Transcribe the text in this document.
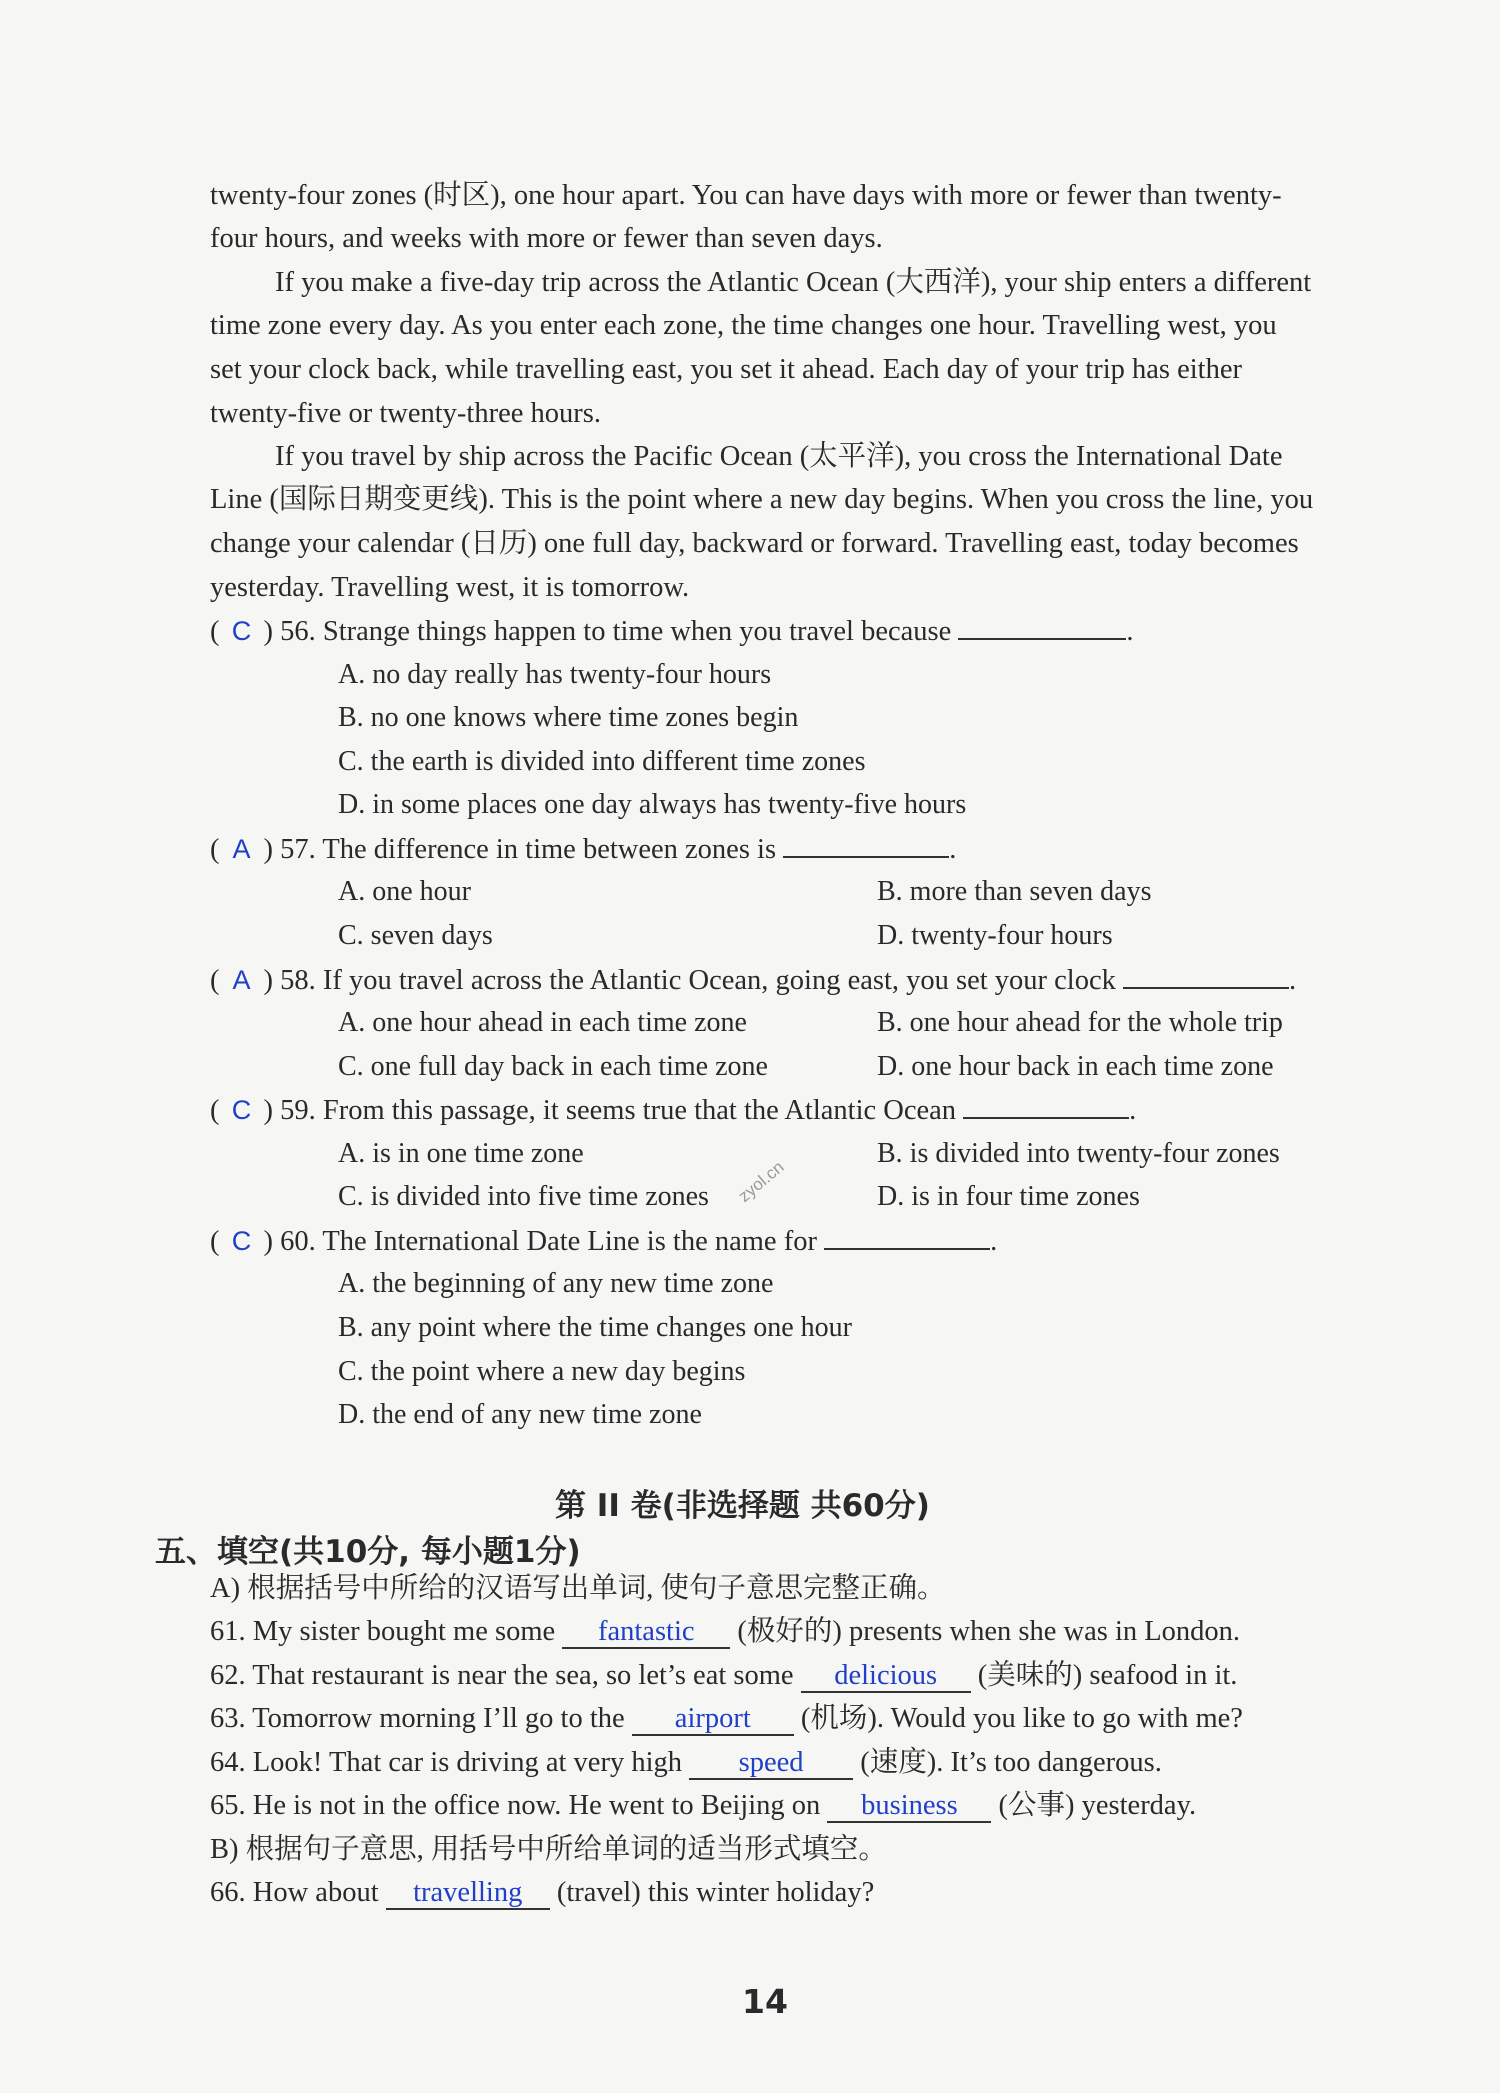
twenty-four zones (时区), one hour apart. You can have days with more or fewer than twenty-
four hours, and weeks with more or fewer than seven days.
If you make a five-day trip across the Atlantic Ocean (大西洋), your ship enters a different
time zone every day. As you enter each zone, the time changes one hour. Travelling west, you
set your clock back, while travelling east, you set it ahead. Each day of your trip has either
twenty-five or twenty-three hours.
If you travel by ship across the Pacific Ocean (太平洋), you cross the International Date
Line (国际日期变更线). This is the point where a new day begins. When you cross the line, you
change your calendar (日历) one full day, backward or forward. Travelling east, today becomes
yesterday. Travelling west, it is tomorrow.
( C ) 56. Strange things happen to time when you travel because	.
A. no day really has twenty-four hours
B. no one knows where time zones begin
C. the earth is divided into different time zones
D. in some places one day always has twenty-five hours
( A ) 57. The difference in time between zones is	.
A. one hour	B. more than seven days
C. seven days	D. twenty-four hours
( A ) 58. If you travel across the Atlantic Ocean, going east, you set your clock	.
A. one hour ahead in each time zone	B. one hour ahead for the whole trip
C. one full day back in each time zone	D. one hour back in each time zone
( C ) 59. From this passage, it seems true that the Atlantic Ocean	.
A. is in one time zone	B. is divided into twenty-four zones
C. is divided into five time zones	D. is in four time zones
( C ) 60. The International Date Line is the name for	.
A. the beginning of any new time zone
B. any point where the time changes one hour
C. the point where a new day begins
D. the end of any new time zone
zyol.cn
第 II 卷(非选择题 共60分)
五、填空(共10分, 每小题1分)
A) 根据括号中所给的汉语写出单词, 使句子意思完整正确。
61. My sister bought me some fantastic (极好的) presents when she was in London.
62. That restaurant is near the sea, so let’s eat some delicious (美味的) seafood in it.
63. Tomorrow morning I’ll go to the airport (机场). Would you like to go with me?
64. Look! That car is driving at very high speed (速度). It’s too dangerous.
65. He is not in the office now. He went to Beijing on business (公事) yesterday.
B) 根据句子意思, 用括号中所给单词的适当形式填空。
66. How about travelling (travel) this winter holiday?
14
